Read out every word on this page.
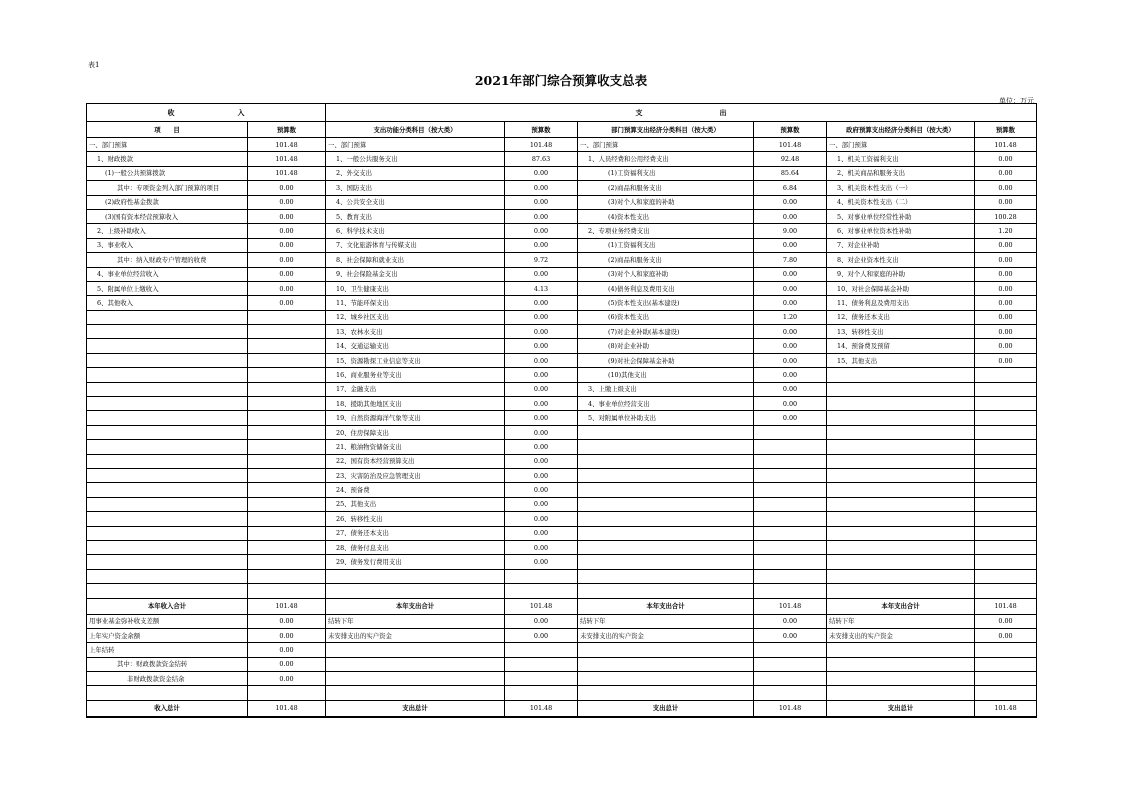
表1
2021年部门综合预算收支总表
单位：万元
收　　　　　　　　　入		支　　　　　　　　　　　出					
项　　目	预算数	支出功能分类科目（按大类）	预算数	部门预算支出经济分类科目（按大类）	预算数	政府预算支出经济分类科目（按大类）	预算数
一、部门预算	101.48	一、部门预算	101.48	一、部门预算	101.48	一、部门预算	101.48
1、财政拨款	101.48	1、一般公共服务支出	87.63	1、人员经费和公用经费支出	92.48	1、机关工资福利支出	0.00
(1)一般公共预算拨款	101.48	2、外交支出	0.00	(1)工资福利支出	85.64	2、机关商品和服务支出	0.00
其中：专项资金列入部门预算的项目	0.00	3、国防支出	0.00	(2)商品和服务支出	6.84	3、机关资本性支出（一）	0.00
(2)政府性基金拨款	0.00	4、公共安全支出	0.00	(3)对个人和家庭的补助	0.00	4、机关资本性支出（二）	0.00
(3)国有资本经营预算收入	0.00	5、教育支出	0.00	(4)资本性支出	0.00	5、对事业单位经常性补助	100.28
2、上级补助收入	0.00	6、科学技术支出	0.00	2、专项业务经费支出	9.00	6、对事业单位资本性补助	1.20
3、事业收入	0.00	7、文化旅游体育与传媒支出	0.00	(1)工资福利支出	0.00	7、对企业补助	0.00
其中：纳入财政专户管理的收费	0.00	8、社会保障和就业支出	9.72	(2)商品和服务支出	7.80	8、对企业资本性支出	0.00
4、事业单位经营收入	0.00	9、社会保险基金支出	0.00	(3)对个人和家庭补助	0.00	9、对个人和家庭的补助	0.00
5、附属单位上缴收入	0.00	10、卫生健康支出	4.13	(4)债务利息及费用支出	0.00	10、对社会保障基金补助	0.00
6、其他收入	0.00	11、节能环保支出	0.00	(5)资本性支出(基本建设)	0.00	11、债务利息及费用支出	0.00
		12、城乡社区支出	0.00	(6)资本性支出	1.20	12、债务还本支出	0.00
		13、农林水支出	0.00	(7)对企业补助(基本建设)	0.00	13、转移性支出	0.00
		14、交通运输支出	0.00	(8)对企业补助	0.00	14、预备费及预留	0.00
		15、资源勘探工业信息等支出	0.00	(9)对社会保障基金补助	0.00	15、其他支出	0.00
		16、商业服务业等支出	0.00	(10)其他支出	0.00		
		17、金融支出	0.00	3、上缴上级支出	0.00		
		18、援助其他地区支出	0.00	4、事业单位经营支出	0.00		
		19、自然资源海洋气象等支出	0.00	5、对附属单位补助支出	0.00		
		20、住房保障支出	0.00				
		21、粮油物资储备支出	0.00				
		22、国有资本经营预算支出	0.00				
		23、灾害防治及应急管理支出	0.00				
		24、预备费	0.00				
		25、其他支出	0.00				
		26、转移性支出	0.00				
		27、债务还本支出	0.00				
		28、债务付息支出	0.00				
		29、债务发行费用支出	0.00				

本年收入合计	101.48	本年支出合计	101.48	本年支出合计	101.48	本年支出合计	101.48
用事业基金弥补收支差额	0.00	结转下年	0.00	结转下年	0.00	结转下年	0.00
上年实户资金余额	0.00	未安排支出的实户资金	0.00	未安排支出的实户资金	0.00	未安排支出的实户资金	0.00
上年结转	0.00						
其中：财政拨款资金结转	0.00						
非财政拨款资金结余	0.00						

收入总计	101.48	支出总计	101.48	支出总计	101.48	支出总计	101.48
